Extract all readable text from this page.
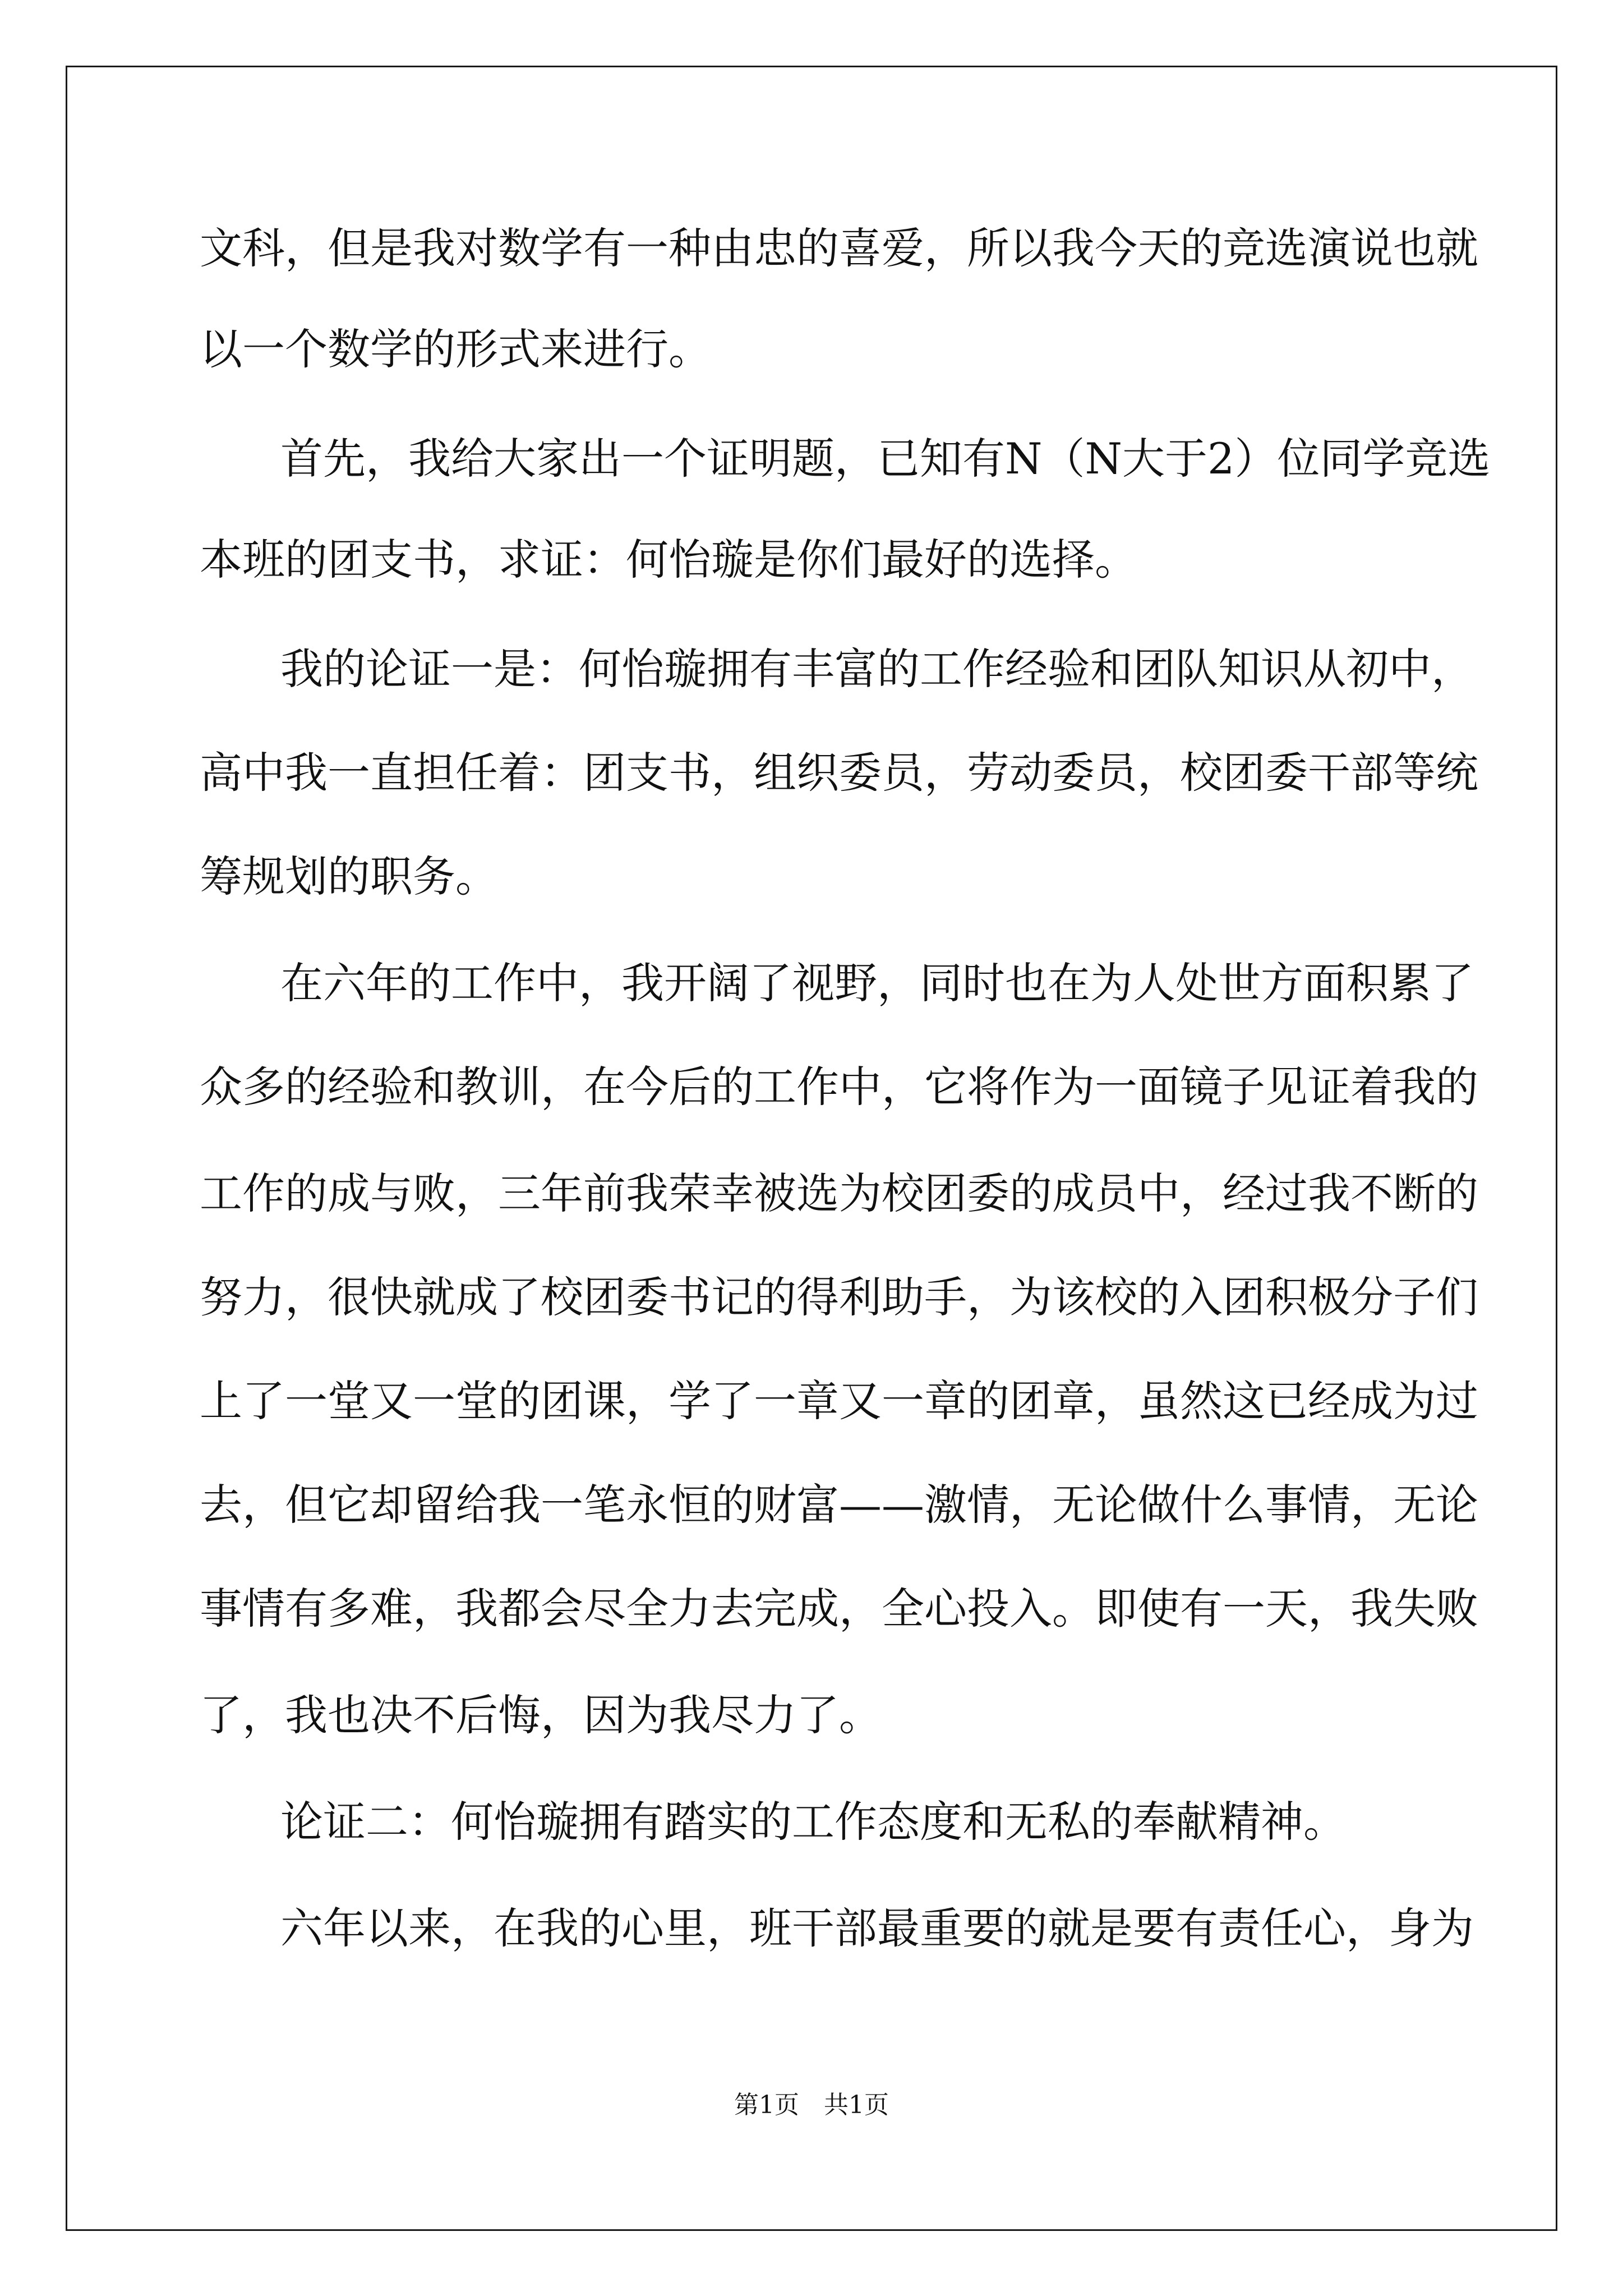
文科，但是我对数学有一种由忠的喜爱，所以我今天的竞选演说也就
以一个数学的形式来进行。
首先，我给大家出一个证明题，已知有N（N大于2）位同学竞选
本班的团支书，求证：何怡璇是你们最好的选择。
我的论证一是：何怡璇拥有丰富的工作经验和团队知识从初中，
高中我一直担任着：团支书，组织委员，劳动委员，校团委干部等统
筹规划的职务。
在六年的工作中，我开阔了视野，同时也在为人处世方面积累了
众多的经验和教训，在今后的工作中，它将作为一面镜子见证着我的
工作的成与败，三年前我荣幸被选为校团委的成员中，经过我不断的
努力，很快就成了校团委书记的得利助手，为该校的入团积极分子们
上了一堂又一堂的团课，学了一章又一章的团章，虽然这已经成为过
去，但它却留给我一笔永恒的财富——激情，无论做什么事情，无论
事情有多难，我都会尽全力去完成，全心投入。即使有一天，我失败
了，我也决不后悔，因为我尽力了。
论证二：何怡璇拥有踏实的工作态度和无私的奉献精神。
六年以来，在我的心里，班干部最重要的就是要有责任心，身为
第1页　共1页
